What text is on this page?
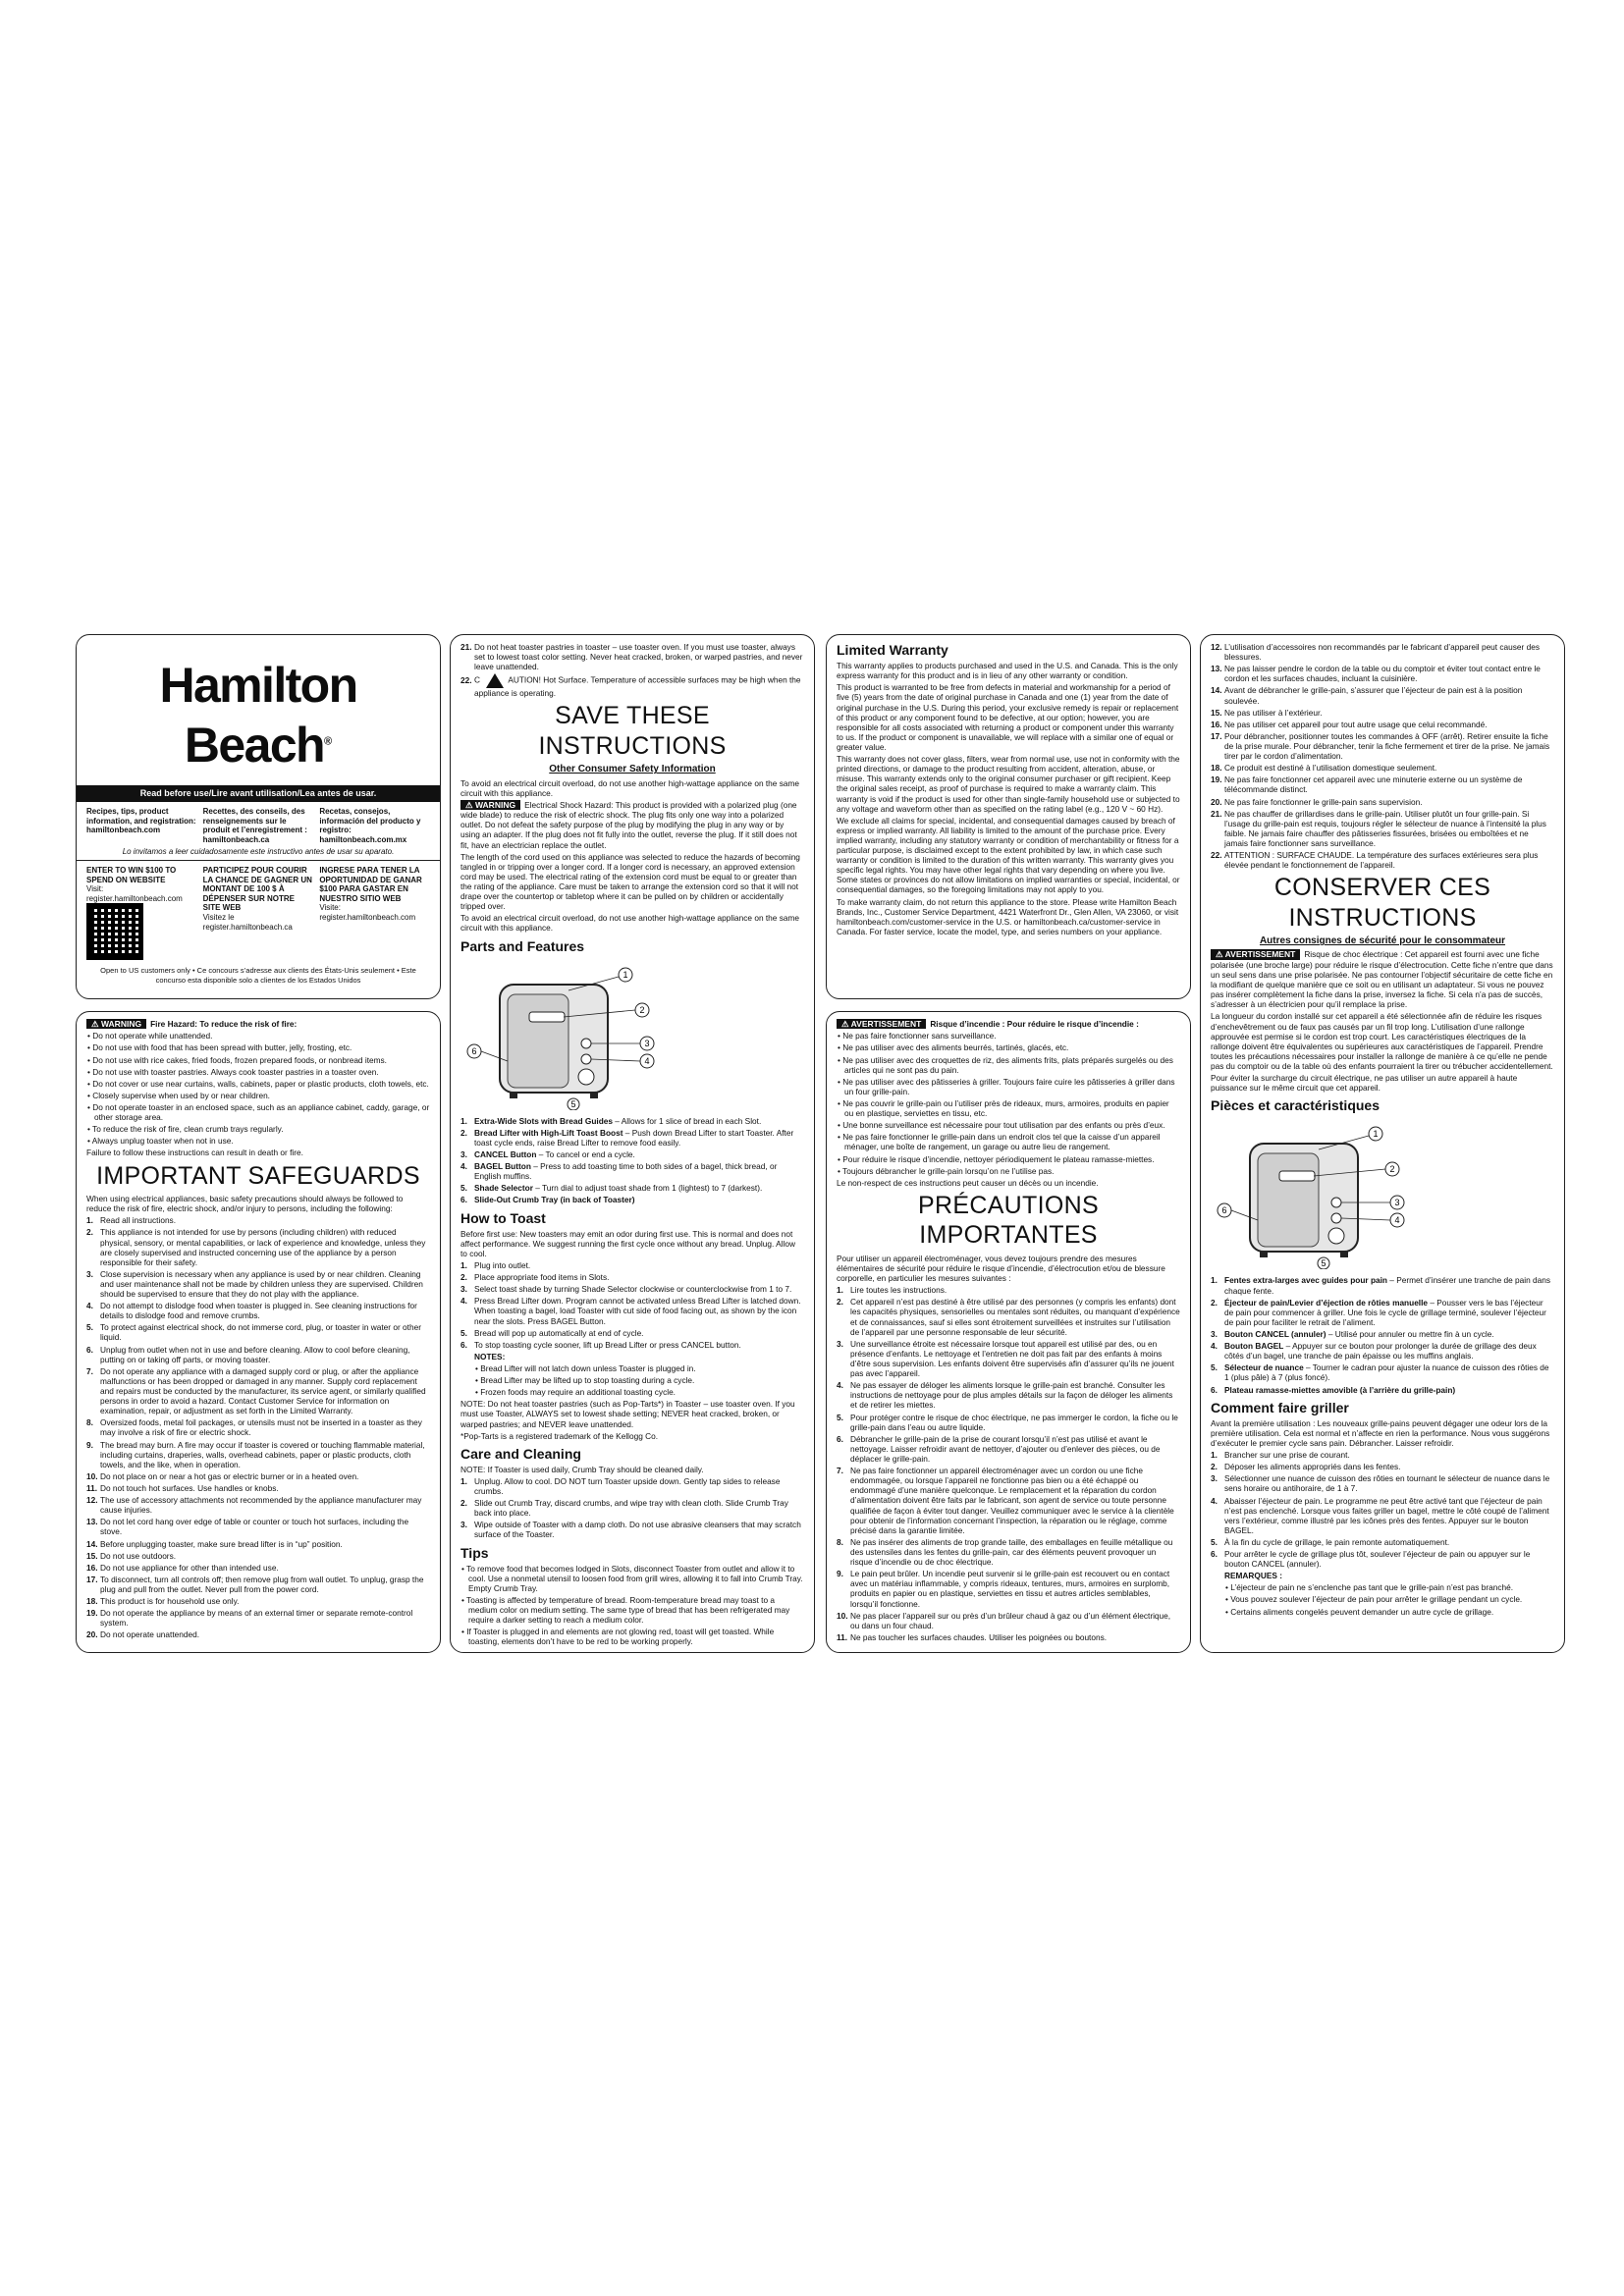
Hamilton Beach®
Read before use/Lire avant utilisation/Lea antes de usar.
Recipes, tips, product information, and registration:
hamiltonbeach.com
Recettes, des conseils, des renseignements sur le produit et l’enregistrement :
hamiltonbeach.ca
Recetas, consejos, información del producto y registro:
hamiltonbeach.com.mx
Lo invitamos a leer cuidadosamente este instructivo antes de usar su aparato.
ENTER TO WIN $100 TO SPEND ON WEBSITE
Visit:
register.hamiltonbeach.com

PARTICIPEZ POUR COURIR LA CHANCE DE GAGNER UN MONTANT DE 100 $ À DÉPENSER SUR NOTRE SITE WEB
Visitez le
register.hamiltonbeach.ca
INGRESE PARA TENER LA OPORTUNIDAD DE GANAR $100 PARA GASTAR EN NUESTRO SITIO WEB
Visite:
register.hamiltonbeach.com
Open to US customers only • Ce concours s’adresse aux clients des États-Unis seulement • Este concurso esta disponible solo a clientes de los Estados Unidos

⚠ WARNING Fire Hazard: To reduce the risk of fire:

• Do not operate while unattended.

• Do not use with food that has been spread with butter, jelly, frosting, etc.

• Do not use with rice cakes, fried foods, frozen prepared foods, or nonbread items.

• Do not use with toaster pastries. Always cook toaster pastries in a toaster oven.

• Do not cover or use near curtains, walls, cabinets, paper or plastic products, cloth towels, etc.

• Closely supervise when used by or near children.

• Do not operate toaster in an enclosed space, such as an appliance cabinet, caddy, garage, or other storage area.

• To reduce the risk of fire, clean crumb trays regularly.

• Always unplug toaster when not in use.

Failure to follow these instructions can result in death or fire.

IMPORTANT SAFEGUARDS

When using electrical appliances, basic safety precautions should always be followed to reduce the risk of fire, electric shock, and/or injury to persons, including the following:

1. Read all instructions.

2. This appliance is not intended for use by persons (including children) with reduced physical, sensory, or mental capabilities, or lack of experience and knowledge, unless they are closely supervised and instructed concerning use of the appliance by a person responsible for their safety.

3. Close supervision is necessary when any appliance is used by or near children. Cleaning and user maintenance shall not be made by children unless they are supervised. Children should be supervised to ensure that they do not play with the appliance.

4. Do not attempt to dislodge food when toaster is plugged in. See cleaning instructions for details to dislodge food and remove crumbs.

5. To protect against electrical shock, do not immerse cord, plug, or toaster in water or other liquid.

6. Unplug from outlet when not in use and before cleaning. Allow to cool before cleaning, putting on or taking off parts, or moving toaster.

7. Do not operate any appliance with a damaged supply cord or plug, or after the appliance malfunctions or has been dropped or damaged in any manner. Supply cord replacement and repairs must be conducted by the manufacturer, its service agent, or similarly qualified persons in order to avoid a hazard. Contact Customer Service for information on examination, repair, or adjustment as set forth in the Limited Warranty.

8. Oversized foods, metal foil packages, or utensils must not be inserted in a toaster as they may involve a risk of fire or electric shock.

9. The bread may burn. A fire may occur if toaster is covered or touching flammable material, including curtains, draperies, walls, overhead cabinets, paper or plastic products, cloth towels, and the like, when in operation.

10. Do not place on or near a hot gas or electric burner or in a heated oven.

11. Do not touch hot surfaces. Use handles or knobs.

12. The use of accessory attachments not recommended by the appliance manufacturer may cause injuries.

13. Do not let cord hang over edge of table or counter or touch hot surfaces, including the stove.

14. Before unplugging toaster, make sure bread lifter is in “up” position.

15. Do not use outdoors.

16. Do not use appliance for other than intended use.

17. To disconnect, turn all controls off; then remove plug from wall outlet. To unplug, grasp the plug and pull from the outlet. Never pull from the power cord.

18. This product is for household use only.

19. Do not operate the appliance by means of an external timer or separate remote-control system.

20. Do not operate unattended.

21. Do not heat toaster pastries in toaster – use toaster oven. If you must use toaster, always set to lowest toast color setting. Never heat cracked, broken, or warped pastries, and never leave unattended.

22. C	AUTION! Hot Surface. Temperature of accessible surfaces may be high when the appliance is operating.

SAVE THESE INSTRUCTIONS
Other Consumer Safety Information

To avoid an electrical circuit overload, do not use another high-wattage appliance on the same circuit with this appliance.

⚠ WARNING Electrical Shock Hazard: This product is provided with a polarized plug (one wide blade) to reduce the risk of electric shock. The plug fits only one way into a polarized outlet. Do not defeat the safety purpose of the plug by modifying the plug in any way or by using an adapter. If the plug does not fit fully into the outlet, reverse the plug. If it still does not fit, have an electrician replace the outlet.

The length of the cord used on this appliance was selected to reduce the hazards of becoming tangled in or tripping over a longer cord. If a longer cord is necessary, an approved extension cord may be used. The electrical rating of the extension cord must be equal to or greater than the rating of the appliance. Care must be taken to arrange the extension cord so that it will not drape over the countertop or tabletop where it can be pulled on by children or accidentally tripped over.

To avoid an electrical circuit overload, do not use another high-wattage appliance on the same circuit with this appliance.

Parts and Features
1
2
3
4
5
6

1. Extra-Wide Slots with Bread Guides – Allows for 1 slice of bread in each Slot.

2. Bread Lifter with High-Lift Toast Boost – Push down Bread Lifter to start Toaster. After toast cycle ends, raise Bread Lifter to remove food easily.

3. CANCEL Button – To cancel or end a cycle.

4. BAGEL Button – Press to add toasting time to both sides of a bagel, thick bread, or English muffins.

5. Shade Selector – Turn dial to adjust toast shade from 1 (lightest) to 7 (darkest).

6. Slide-Out Crumb Tray (in back of Toaster)

How to Toast

Before first use: New toasters may emit an odor during first use. This is normal and does not affect performance. We suggest running the first cycle once without any bread. Unplug. Allow to cool.

1. Plug into outlet.

2. Place appropriate food items in Slots.

3. Select toast shade by turning Shade Selector clockwise or counterclockwise from 1 to 7.

4. Press Bread Lifter down. Program cannot be activated unless Bread Lifter is latched down. When toasting a bagel, load Toaster with cut side of food facing out, as shown by the icon near the slots. Press BAGEL Button.

5. Bread will pop up automatically at end of cycle.

6. To stop toasting cycle sooner, lift up Bread Lifter or press CANCEL button.

NOTES:

• Bread Lifter will not latch down unless Toaster is plugged in.

• Bread Lifter may be lifted up to stop toasting during a cycle.

• Frozen foods may require an additional toasting cycle.

NOTE: Do not heat toaster pastries (such as Pop-Tarts*) in Toaster – use toaster oven. If you must use Toaster, ALWAYS set to lowest shade setting; NEVER heat cracked, broken, or warped pastries; and NEVER leave unattended.

*Pop-Tarts is a registered trademark of the Kellogg Co.

Care and Cleaning

NOTE: If Toaster is used daily, Crumb Tray should be cleaned daily.

1. Unplug. Allow to cool. DO NOT turn Toaster upside down. Gently tap sides to release crumbs.

2. Slide out Crumb Tray, discard crumbs, and wipe tray with clean cloth. Slide Crumb Tray back into place.

3. Wipe outside of Toaster with a damp cloth. Do not use abrasive cleansers that may scratch surface of the Toaster.

Tips

• To remove food that becomes lodged in Slots, disconnect Toaster from outlet and allow it to cool. Use a nonmetal utensil to loosen food from grill wires, allowing it to fall into Crumb Tray. Empty Crumb Tray.

• Toasting is affected by temperature of bread. Room-temperature bread may toast to a medium color on medium setting. The same type of bread that has been refrigerated may require a darker setting to reach a medium color.

• If Toaster is plugged in and elements are not glowing red, toast will get toasted. While toasting, elements don’t have to be red to be working properly.

Limited Warranty

This warranty applies to products purchased and used in the U.S. and Canada. This is the only express warranty for this product and is in lieu of any other warranty or condition.

This product is warranted to be free from defects in material and workmanship for a period of five (5) years from the date of original purchase in Canada and one (1) year from the date of original purchase in the U.S. During this period, your exclusive remedy is repair or replacement of this product or any component found to be defective, at our option; however, you are responsible for all costs associated with returning a product or component under this warranty to us. If the product or component is unavailable, we will replace with a similar one of equal or greater value.

This warranty does not cover glass, filters, wear from normal use, use not in conformity with the printed directions, or damage to the product resulting from accident, alteration, abuse, or misuse. This warranty extends only to the original consumer purchaser or gift recipient. Keep the original sales receipt, as proof of purchase is required to make a warranty claim. This warranty is void if the product is used for other than single-family household use or subjected to any voltage and waveform other than as specified on the rating label (e.g., 120 V ~ 60 Hz).

We exclude all claims for special, incidental, and consequential damages caused by breach of express or implied warranty. All liability is limited to the amount of the purchase price. Every implied warranty, including any statutory warranty or condition of merchantability or fitness for a particular purpose, is disclaimed except to the extent prohibited by law, in which case such warranty or condition is limited to the duration of this written warranty. This warranty gives you specific legal rights. You may have other legal rights that vary depending on where you live. Some states or provinces do not allow limitations on implied warranties or special, incidental, or consequential damages, so the foregoing limitations may not apply to you.

To make warranty claim, do not return this appliance to the store. Please write Hamilton Beach Brands, Inc., Customer Service Department, 4421 Waterfront Dr., Glen Allen, VA 23060, or visit hamiltonbeach.com/customer-service in the U.S. or hamiltonbeach.ca/customer-service in Canada. For faster service, locate the model, type, and series numbers on your appliance.

⚠ AVERTISSEMENT Risque d’incendie : Pour réduire le risque d’incendie :

• Ne pas faire fonctionner sans surveillance.

• Ne pas utiliser avec des aliments beurrés, tartinés, glacés, etc.

• Ne pas utiliser avec des croquettes de riz, des aliments frits, plats préparés surgelés ou des articles qui ne sont pas du pain.

• Ne pas utiliser avec des pâtisseries à griller. Toujours faire cuire les pâtisseries à griller dans un four grille-pain.

• Ne pas couvrir le grille-pain ou l’utiliser près de rideaux, murs, armoires, produits en papier ou en plastique, serviettes en tissu, etc.

• Une bonne surveillance est nécessaire pour tout utilisation par des enfants ou près d’eux.

• Ne pas faire fonctionner le grille-pain dans un endroit clos tel que la caisse d’un appareil ménager, une boîte de rangement, un garage ou autre lieu de rangement.

• Pour réduire le risque d’incendie, nettoyer périodiquement le plateau ramasse-miettes.

• Toujours débrancher le grille-pain lorsqu’on ne l’utilise pas.

Le non-respect de ces instructions peut causer un décès ou un incendie.

PRÉCAUTIONS IMPORTANTES

Pour utiliser un appareil électroménager, vous devez toujours prendre des mesures élémentaires de sécurité pour réduire le risque d’incendie, d’électrocution et/ou de blessure corporelle, en particulier les mesures suivantes :

1. Lire toutes les instructions.

2. Cet appareil n’est pas destiné à être utilisé par des personnes (y compris les enfants) dont les capacités physiques, sensorielles ou mentales sont réduites, ou manquant d’expérience et de connaissances, sauf si elles sont étroitement surveillées et instruites sur l’utilisation de l’appareil par une personne responsable de leur sécurité.

3. Une surveillance étroite est nécessaire lorsque tout appareil est utilisé par des, ou en présence d’enfants. Le nettoyage et l’entretien ne doit pas fait par des enfants à moins d’être sous supervision. Les enfants doivent être supervisés afin d’assurer qu’ils ne jouent pas avec l’appareil.

4. Ne pas essayer de déloger les aliments lorsque le grille-pain est branché. Consulter les instructions de nettoyage pour de plus amples détails sur la façon de déloger les aliments et de retirer les miettes.

5. Pour protéger contre le risque de choc électrique, ne pas immerger le cordon, la fiche ou le grille-pain dans l’eau ou autre liquide.

6. Débrancher le grille-pain de la prise de courant lorsqu’il n’est pas utilisé et avant le nettoyage. Laisser refroidir avant de nettoyer, d’ajouter ou d’enlever des pièces, ou de déplacer le grille-pain.

7. Ne pas faire fonctionner un appareil électroménager avec un cordon ou une fiche endommagée, ou lorsque l’appareil ne fonctionne pas bien ou a été échappé ou endommagé d’une manière quelconque. Le remplacement et la réparation du cordon d’alimentation doivent être faits par le fabricant, son agent de service ou toute personne qualifiée de façon à éviter tout danger. Veuillez communiquer avec le service à la clientèle pour obtenir de l’information concernant l’inspection, la réparation ou le réglage, comme précisé dans la garantie limitée.

8. Ne pas insérer des aliments de trop grande taille, des emballages en feuille métallique ou des ustensiles dans les fentes du grille-pain, car des éléments peuvent provoquer un risque d’incendie ou de choc électrique.

9. Le pain peut brûler. Un incendie peut survenir si le grille-pain est recouvert ou en contact avec un matériau inflammable, y compris rideaux, tentures, murs, armoires en surplomb, produits en papier ou en plastique, serviettes en tissu et autres articles semblables, lorsqu’il fonctionne.

10. Ne pas placer l’appareil sur ou près d’un brûleur chaud à gaz ou d’un élément électrique, ou dans un four chaud.

11. Ne pas toucher les surfaces chaudes. Utiliser les poignées ou boutons.

12. L’utilisation d’accessoires non recommandés par le fabricant d’appareil peut causer des blessures.

13. Ne pas laisser pendre le cordon de la table ou du comptoir et éviter tout contact entre le cordon et les surfaces chaudes, incluant la cuisinière.

14. Avant de débrancher le grille-pain, s’assurer que l’éjecteur de pain est à la position soulevée.

15. Ne pas utiliser à l’extérieur.

16. Ne pas utiliser cet appareil pour tout autre usage que celui recommandé.

17. Pour débrancher, positionner toutes les commandes à OFF (arrêt). Retirer ensuite la fiche de la prise murale. Pour débrancher, tenir la fiche fermement et tirer de la prise. Ne jamais tirer par le cordon d’alimentation.

18. Ce produit est destiné à l’utilisation domestique seulement.

19. Ne pas faire fonctionner cet appareil avec une minuterie externe ou un système de télécommande distinct.

20. Ne pas faire fonctionner le grille-pain sans supervision.

21. Ne pas chauffer de grillardises dans le grille-pain. Utiliser plutôt un four grille-pain. Si l’usage du grille-pain est requis, toujours régler le sélecteur de nuance à l’intensité la plus faible. Ne jamais faire chauffer des pâtisseries fissurées, brisées ou emboîtées et ne jamais faire fonctionner sans surveillance.

22. ATTENTION : SURFACE CHAUDE. La température des surfaces extérieures sera plus élevée pendant le fonctionnement de l’appareil.

CONSERVER CES INSTRUCTIONS
Autres consignes de sécurité pour le consommateur

⚠ AVERTISSEMENT Risque de choc électrique : Cet appareil est fourni avec une fiche polarisée (une broche large) pour réduire le risque d’électrocution. Cette fiche n’entre que dans un seul sens dans une prise polarisée. Ne pas contourner l’objectif sécuritaire de cette fiche en la modifiant de quelque manière que ce soit ou en utilisant un adaptateur. Si vous ne pouvez pas insérer complètement la fiche dans la prise, inversez la fiche. Si cela n’a pas de succès, s’adresser à un électricien pour qu’il remplace la prise.

La longueur du cordon installé sur cet appareil a été sélectionnée afin de réduire les risques d’enchevêtrement ou de faux pas causés par un fil trop long. L’utilisation d’une rallonge approuvée est permise si le cordon est trop court. Les caractéristiques électriques de la rallonge doivent être équivalentes ou supérieures aux caractéristiques de l’appareil. Prendre toutes les précautions nécessaires pour installer la rallonge de manière à ce qu’elle ne pende pas du comptoir ou de la table où des enfants pourraient la tirer ou trébucher accidentellement.

Pour éviter la surcharge du circuit électrique, ne pas utiliser un autre appareil à haute puissance sur le même circuit que cet appareil.

Pièces et caractéristiques
1
2
3
4
5
6

1. Fentes extra-larges avec guides pour pain – Permet d’insérer une tranche de pain dans chaque fente.

2. Éjecteur de pain/Levier d’éjection de rôties manuelle – Pousser vers le bas l’éjecteur de pain pour commencer à griller. Une fois le cycle de grillage terminé, soulever l’éjecteur de pain pour faciliter le retrait de l’aliment.

3. Bouton CANCEL (annuler) – Utilisé pour annuler ou mettre fin à un cycle.

4. Bouton BAGEL – Appuyer sur ce bouton pour prolonger la durée de grillage des deux côtés d’un bagel, une tranche de pain épaisse ou les muffins anglais.

5. Sélecteur de nuance – Tourner le cadran pour ajuster la nuance de cuisson des rôties de 1 (plus pâle) à 7 (plus foncé).

6. Plateau ramasse-miettes amovible (à l’arrière du grille-pain)

Comment faire griller

Avant la première utilisation : Les nouveaux grille-pains peuvent dégager une odeur lors de la première utilisation. Cela est normal et n’affecte en rien la performance. Nous vous suggérons d’exécuter le premier cycle sans pain. Débrancher. Laisser refroidir.

1. Brancher sur une prise de courant.

2. Déposer les aliments appropriés dans les fentes.

3. Sélectionner une nuance de cuisson des rôties en tournant le sélecteur de nuance dans le sens horaire ou antihoraire, de 1 à 7.

4. Abaisser l’éjecteur de pain. Le programme ne peut être activé tant que l’éjecteur de pain n’est pas enclenché. Lorsque vous faites griller un bagel, mettre le côté coupé de l’aliment vers l’extérieur, comme illustré par les icônes près des fentes. Appuyer sur le bouton BAGEL.

5. À la fin du cycle de grillage, le pain remonte automatiquement.

6. Pour arrêter le cycle de grillage plus tôt, soulever l’éjecteur de pain ou appuyer sur le bouton CANCEL (annuler).

REMARQUES :

• L’éjecteur de pain ne s’enclenche pas tant que le grille-pain n’est pas branché.

• Vous pouvez soulever l’éjecteur de pain pour arrêter le grillage pendant un cycle.

• Certains aliments congelés peuvent demander un autre cycle de grillage.
